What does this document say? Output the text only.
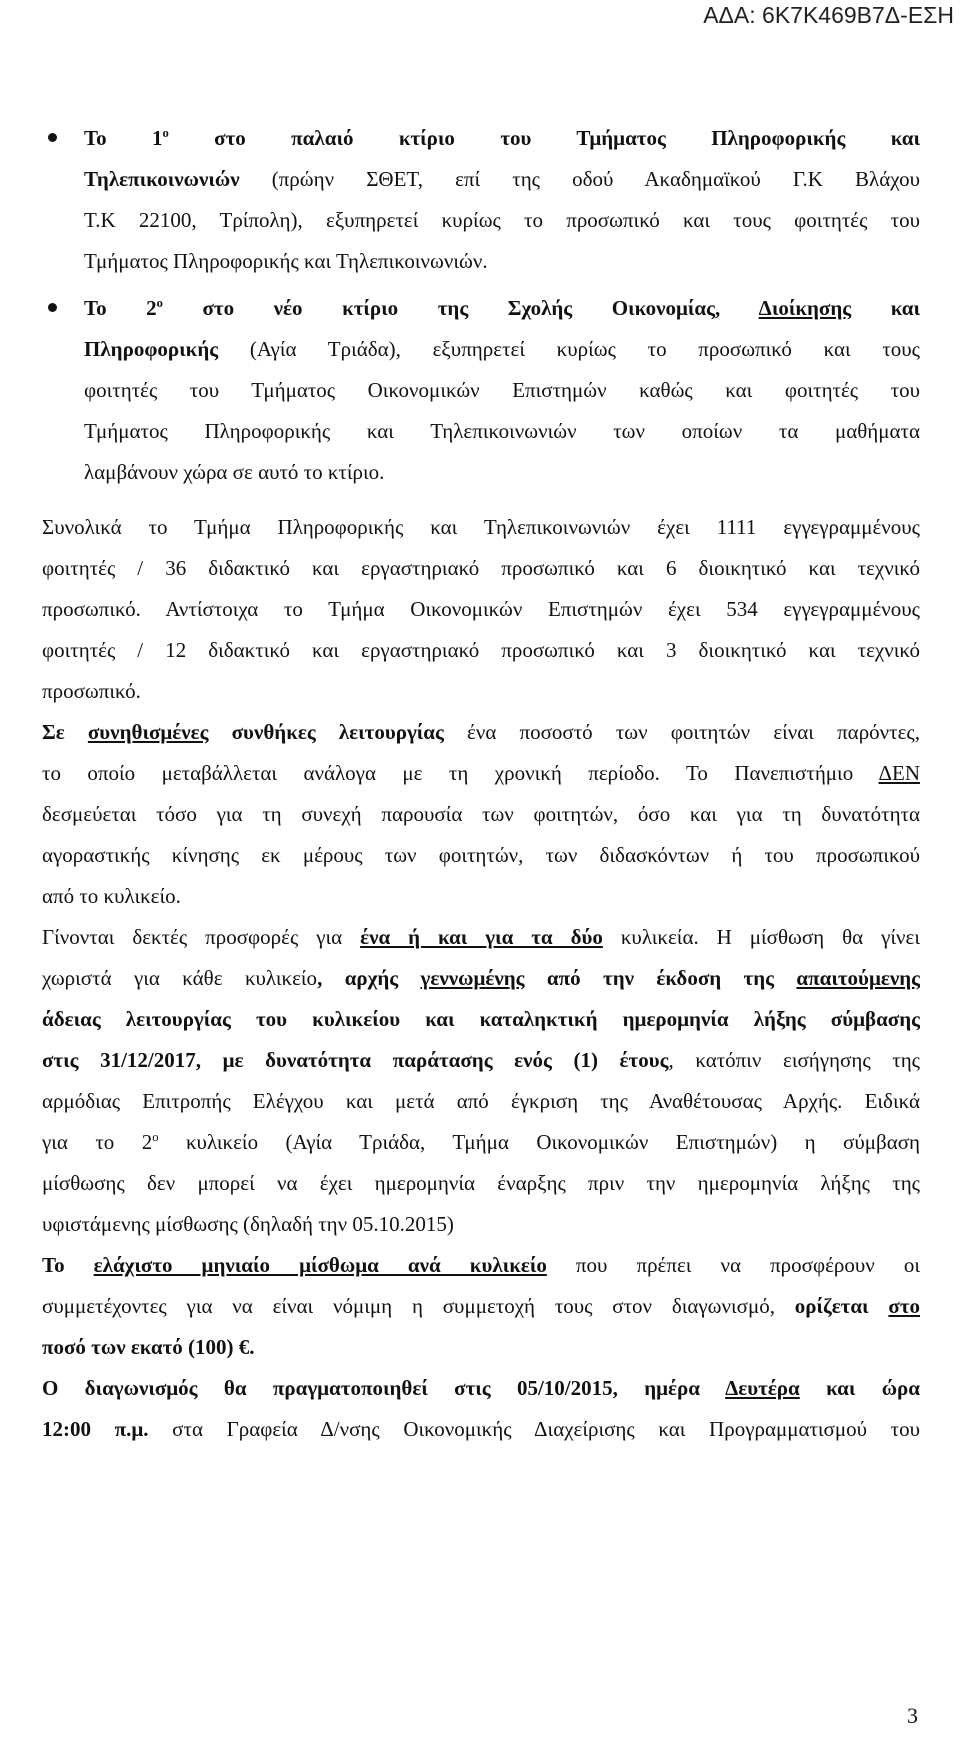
ΑΔΑ: 6Κ7Κ469Β7Δ-ΕΣΗ
Το $1^o$ στο παλαιό κτίριο του Τμήματος Πληροφορικής και
Τηλεπικοινωνιών (πρώην ΣΘΕΤ, επί της οδού Ακαδημαϊκού Γ.Κ Βλάχου
Τ.Κ 22100, Τρίπολη), εξυπηρετεί κυρίως το προσωπικό και τους φοιτητές του
Τμήματος Πληροφορικής και Τηλεπικοινωνιών.
Το $2^o$ στο νέο κτίριο της Σχολής Οικονομίας, Διοίκησης και
Πληροφορικής (Αγία Τριάδα), εξυπηρετεί κυρίως το προσωπικό και τους
φοιτητές του Τμήματος Οικονομικών Επιστημών καθώς και φοιτητές του
Τμήματος Πληροφορικής και Τηλεπικοινωνιών των οποίων τα μαθήματα
λαμβάνουν χώρα σε αυτό το κτίριο.
Συνολικά το Τμήμα Πληροφορικής και Τηλεπικοινωνιών έχει 1111 εγγεγραμμένους
φοιτητές / 36 διδακτικό και εργαστηριακό προσωπικό και 6 διοικητικό και τεχνικό
προσωπικό. Αντίστοιχα το Τμήμα Οικονομικών Επιστημών έχει 534 εγγεγραμμένους
φοιτητές / 12 διδακτικό και εργαστηριακό προσωπικό και 3 διοικητικό και τεχνικό
προσωπικό.
Σε συνηθισμένες συνθήκες λειτουργίας ένα ποσοστό των φοιτητών είναι παρόντες,
το οποίο μεταβάλλεται ανάλογα με τη χρονική περίοδο. Το Πανεπιστήμιο ΔΕΝ
δεσμεύεται τόσο για τη συνεχή παρουσία των φοιτητών, όσο και για τη δυνατότητα
αγοραστικής κίνησης εκ μέρους των φοιτητών, των διδασκόντων ή του προσωπικού
από το κυλικείο.
Γίνονται δεκτές προσφορές για ένα ή και για τα δύο κυλικεία. Η μίσθωση θα γίνει
χωριστά για κάθε κυλικείο, αρχής γεννωμένης από την έκδοση της απαιτούμενης
άδειας λειτουργίας του κυλικείου και καταληκτική ημερομηνία λήξης σύμβασης
στις 31/12/2017, με δυνατότητα παράτασης ενός (1) έτους, κατόπιν εισήγησης της
αρμόδιας Επιτροπής Ελέγχου και μετά από έγκριση της Αναθέτουσας Αρχής. Ειδικά
για το $2^o$ κυλικείο (Αγία Τριάδα, Τμήμα Οικονομικών Επιστημών) η σύμβαση
μίσθωσης δεν μπορεί να έχει ημερομηνία έναρξης πριν την ημερομηνία λήξης της
υφιστάμενης μίσθωσης (δηλαδή την 05.10.2015)
Το ελάχιστο μηνιαίο μίσθωμα ανά κυλικείο που πρέπει να προσφέρουν οι
συμμετέχοντες για να είναι νόμιμη η συμμετοχή τους στον διαγωνισμό, ορίζεται στο
ποσό των εκατό (100) €.
Ο διαγωνισμός θα πραγματοποιηθεί στις 05/10/2015, ημέρα Δευτέρα και ώρα
12:00 π.μ. στα Γραφεία Δ/νσης Οικονομικής Διαχείρισης και Προγραμματισμού του
3
